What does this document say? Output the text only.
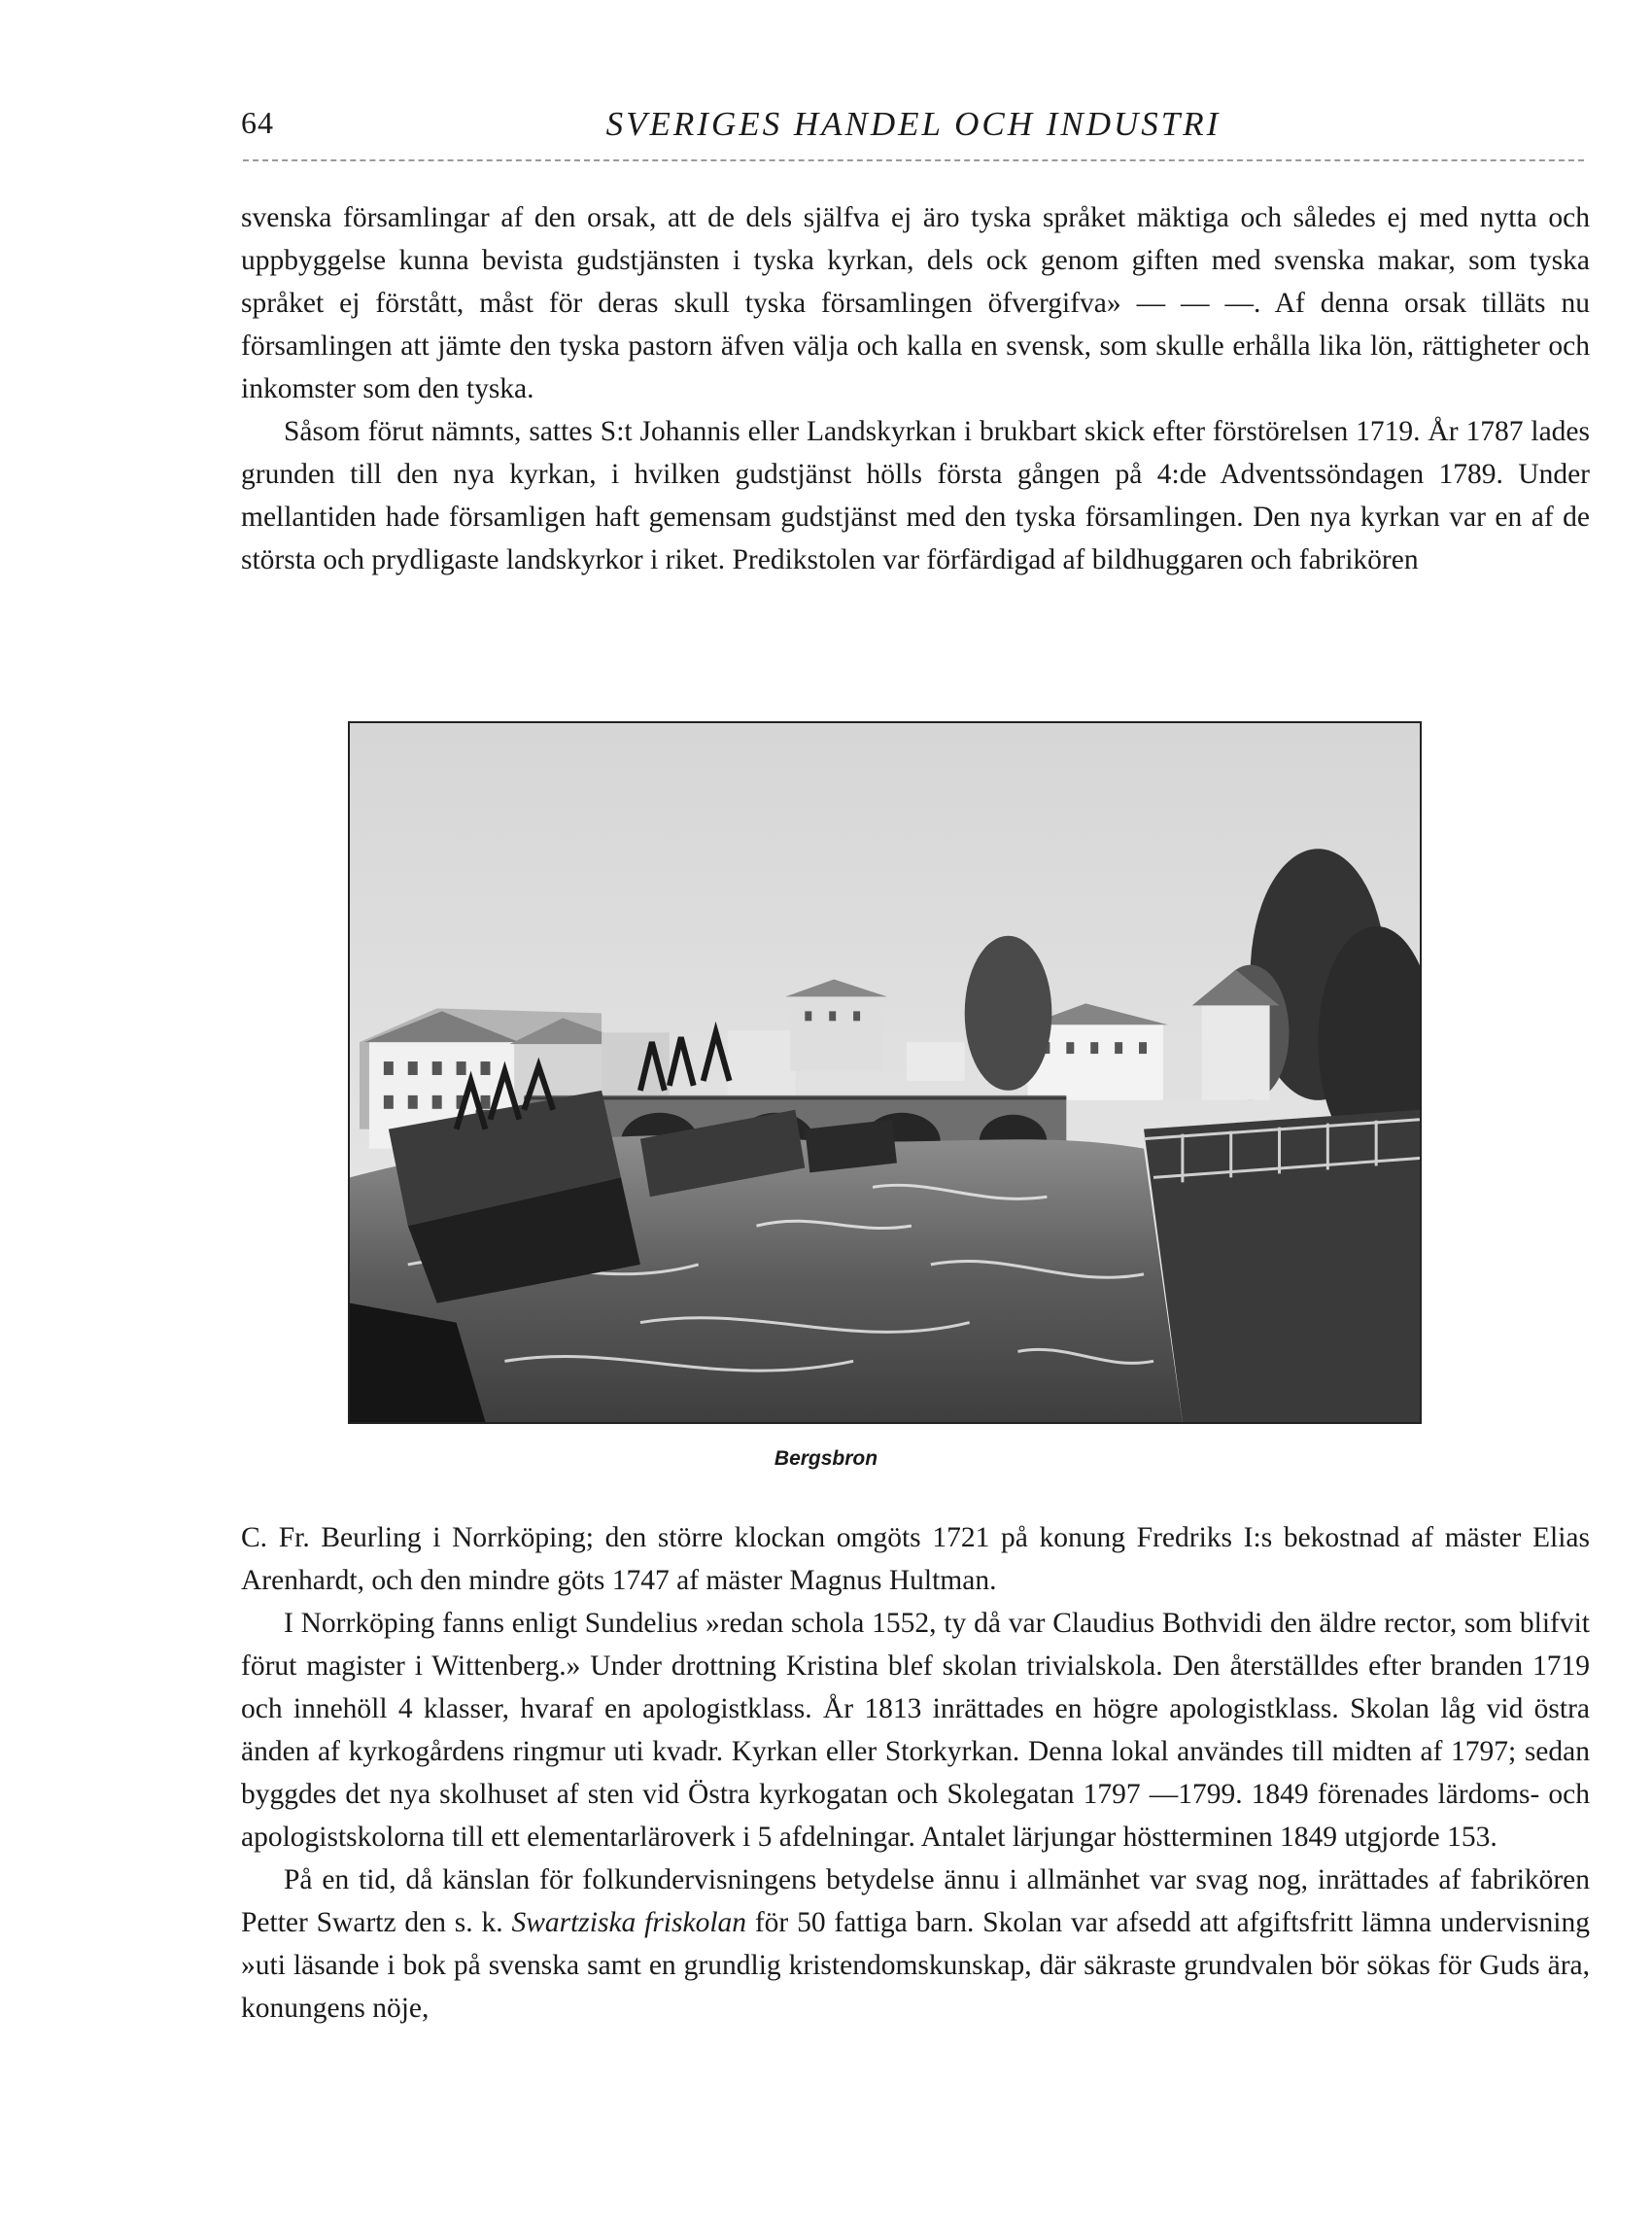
64	SVERIGES HANDEL OCH INDUSTRI

svenska församlingar af den orsak, att de dels själfva ej äro tyska språket mäktiga och således ej med nytta och uppbyggelse kunna bevista gudstjänsten i tyska kyrkan, dels ock genom giften med svenska makar, som tyska språket ej förstått, måst för deras skull tyska församlingen öfvergifva» — — —. Af denna orsak tilläts nu församlingen att jämte den tyska pastorn äfven välja och kalla en svensk, som skulle erhålla lika lön, rättigheter och inkomster som den tyska.

Såsom förut nämnts, sattes S:t Johannis eller Landskyrkan i brukbart skick efter förstörelsen 1719. År 1787 lades grunden till den nya kyrkan, i hvilken gudstjänst hölls första gången på 4:de Adventssöndagen 1789. Under mellantiden hade församligen haft gemensam gudstjänst med den tyska församlingen. Den nya kyrkan var en af de största och prydligaste landskyrkor i riket. Predikstolen var förfärdigad af bildhuggaren och fabrikören

Bergsbron

C. Fr. Beurling i Norrköping; den större klockan omgöts 1721 på konung Fredriks I:s bekostnad af mäster Elias Arenhardt, och den mindre göts 1747 af mäster Magnus Hultman.

I Norrköping fanns enligt Sundelius »redan schola 1552, ty då var Claudius Bothvidi den äldre rector, som blifvit förut magister i Wittenberg.» Under drottning Kristina blef skolan trivialskola. Den återställdes efter branden 1719 och innehöll 4 klasser, hvaraf en apologistklass. År 1813 inrättades en högre apologistklass. Skolan låg vid östra änden af kyrkogårdens ringmur uti kvadr. Kyrkan eller Storkyrkan. Denna lokal användes till midten af 1797; sedan byggdes det nya skolhuset af sten vid Östra kyrkogatan och Skolegatan 1797 —1799. 1849 förenades lärdoms- och apologistskolorna till ett elementarläroverk i 5 afdelningar. Antalet lärjungar höstterminen 1849 utgjorde 153.

På en tid, då känslan för folkundervisningens betydelse ännu i allmänhet var svag nog, inrättades af fabrikören Petter Swartz den s. k. Swartziska friskolan för 50 fattiga barn. Skolan var afsedd att afgiftsfritt lämna undervisning »uti läsande i bok på svenska samt en grundlig kristendomskunskap, där säkraste grundvalen bör sökas för Guds ära, konungens nöje,
